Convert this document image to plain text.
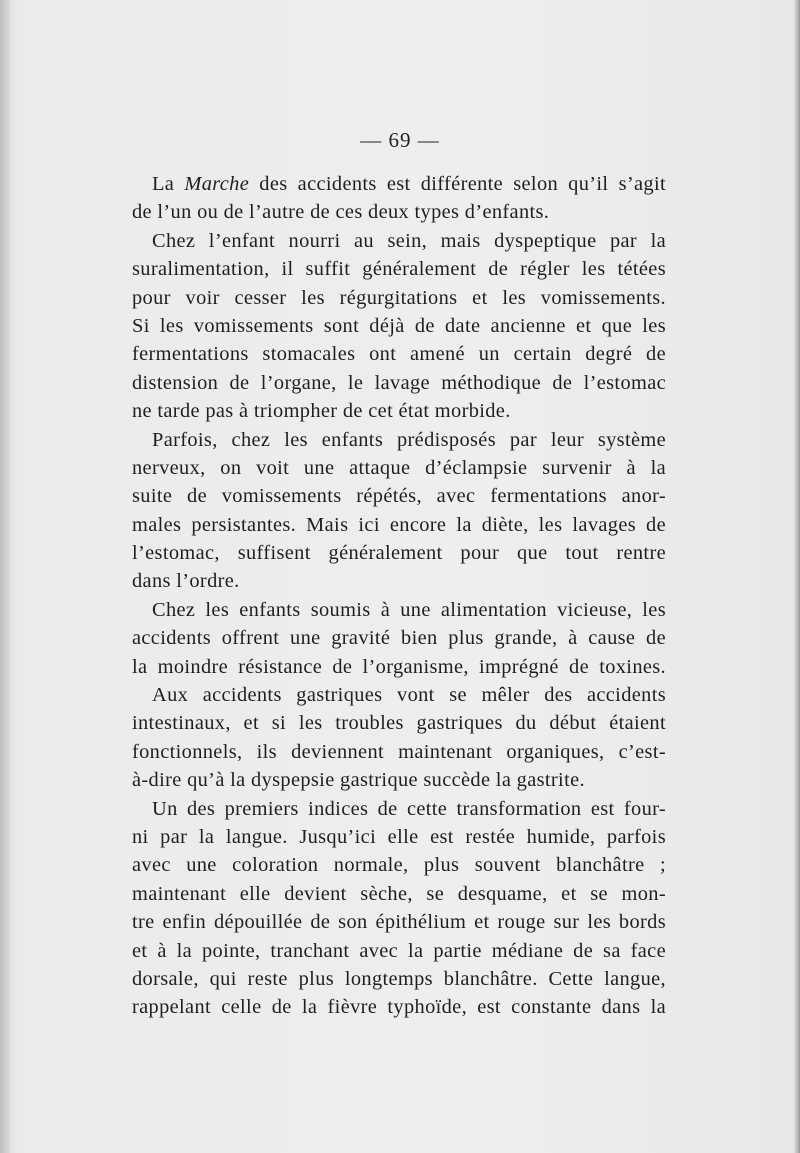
— 69 —
La Marche des accidents est différente selon qu’il s’agit
de l’un ou de l’autre de ces deux types d’enfants.
Chez l’enfant nourri au sein, mais dyspeptique par la
suralimentation, il suffit généralement de régler les tétées
pour voir cesser les régurgitations et les vomissements.
Si les vomissements sont déjà de date ancienne et que les
fermentations stomacales ont amené un certain degré de
distension de l’organe, le lavage méthodique de l’estomac
ne tarde pas à triompher de cet état morbide.
Parfois, chez les enfants prédisposés par leur système
nerveux, on voit une attaque d’éclampsie survenir à la
suite de vomissements répétés, avec fermentations anor-
males persistantes. Mais ici encore la diète, les lavages de
l’estomac, suffisent généralement pour que tout rentre
dans l’ordre.
Chez les enfants soumis à une alimentation vicieuse, les
accidents offrent une gravité bien plus grande, à cause de
la moindre résistance de l’organisme, imprégné de toxines.
Aux accidents gastriques vont se mêler des accidents
intestinaux, et si les troubles gastriques du début étaient
fonctionnels, ils deviennent maintenant organiques, c’est-
à-dire qu’à la dyspepsie gastrique succède la gastrite.
Un des premiers indices de cette transformation est four-
ni par la langue. Jusqu’ici elle est restée humide, parfois
avec une coloration normale, plus souvent blanchâtre ;
maintenant elle devient sèche, se desquame, et se mon-
tre enfin dépouillée de son épithélium et rouge sur les bords
et à la pointe, tranchant avec la partie médiane de sa face
dorsale, qui reste plus longtemps blanchâtre. Cette langue,
rappelant celle de la fièvre typhoïde, est constante dans la
